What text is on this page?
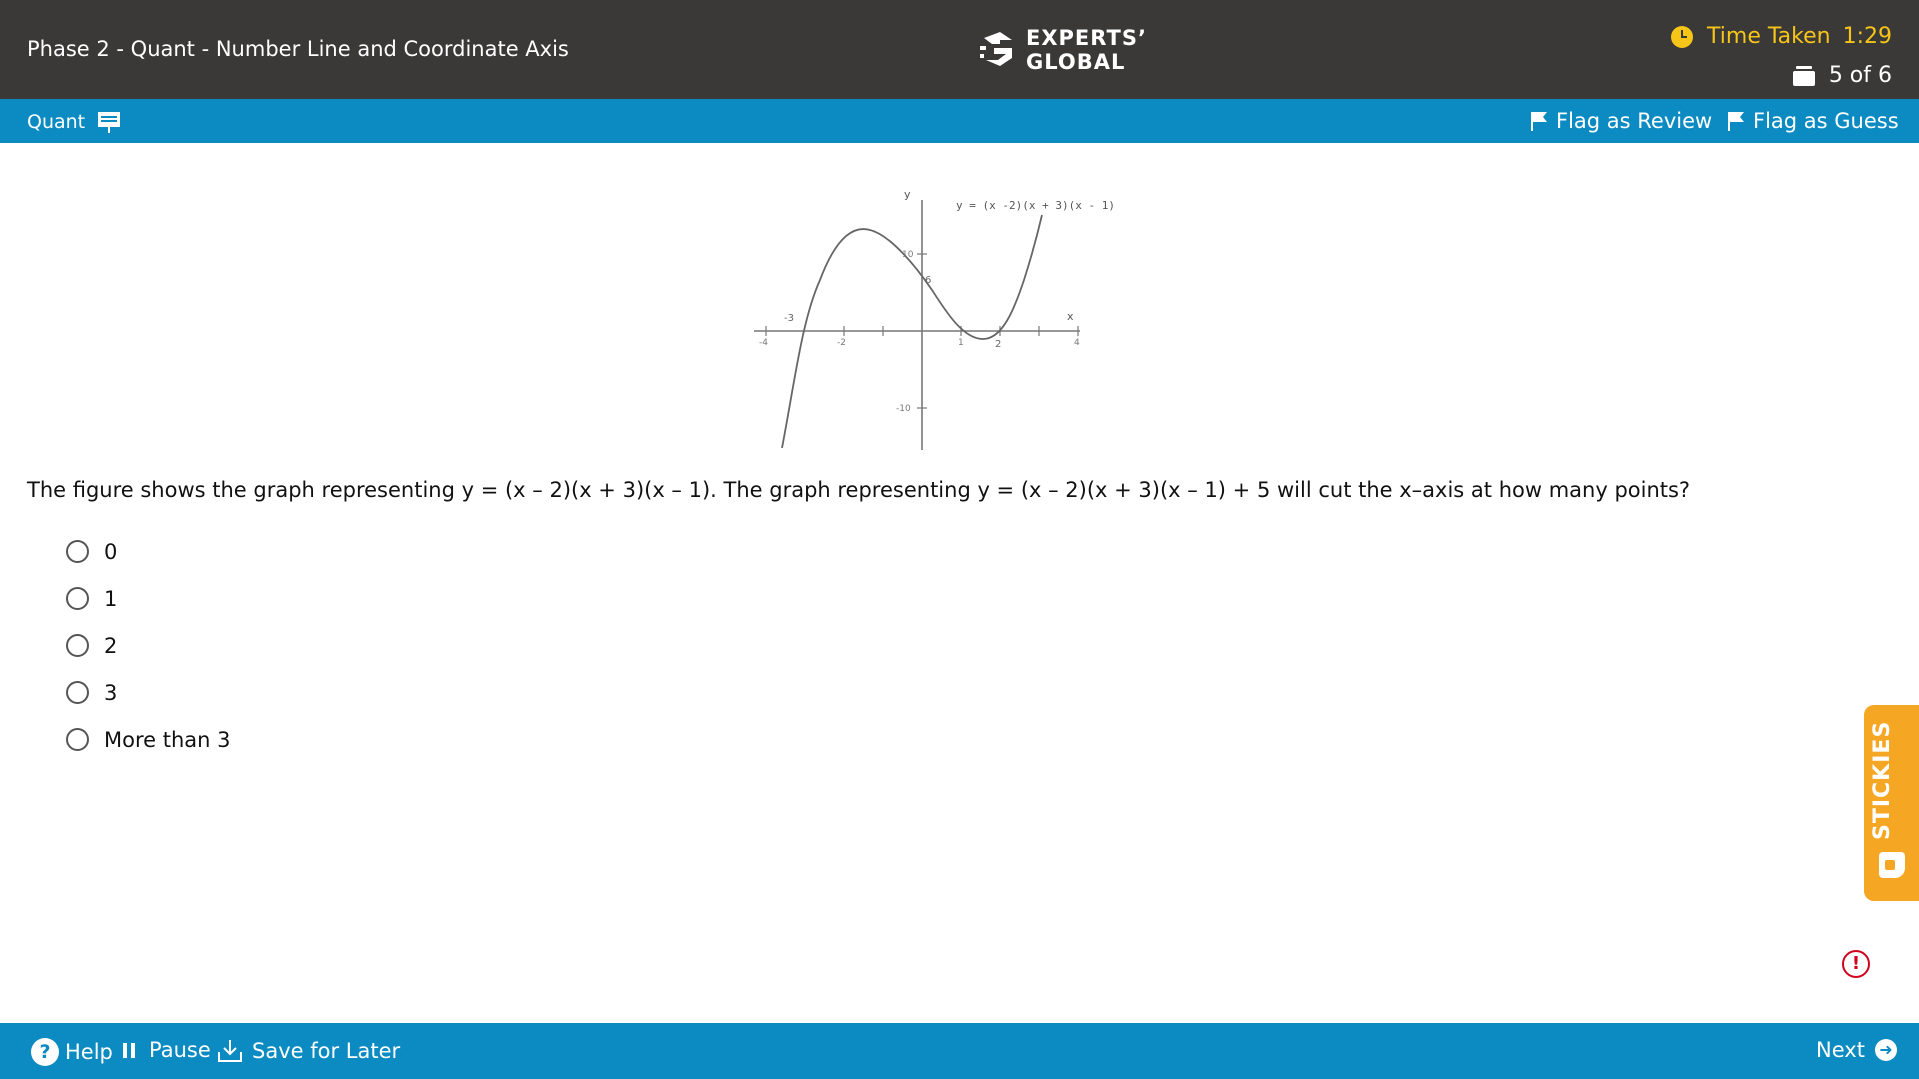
Phase 2 - Quant - Number Line and Coordinate Axis	EXPERTS’
GLOBAL
Time Taken 1:29
5 of 6
Quant	Flag as Review Flag as Guess
y
x
y = (x -2)(x + 3)(x - 1)
-4
-3
-2	1	2	4
10
6
-10
The figure shows the graph representing y = (x – 2)(x + 3)(x – 1). The graph representing y = (x – 2)(x + 3)(x – 1) + 5 will cut the x–axis at how many points?
0
1
2
3
More than 3	STICKIES
!
? Help Pause Save for Later	Next ➜
